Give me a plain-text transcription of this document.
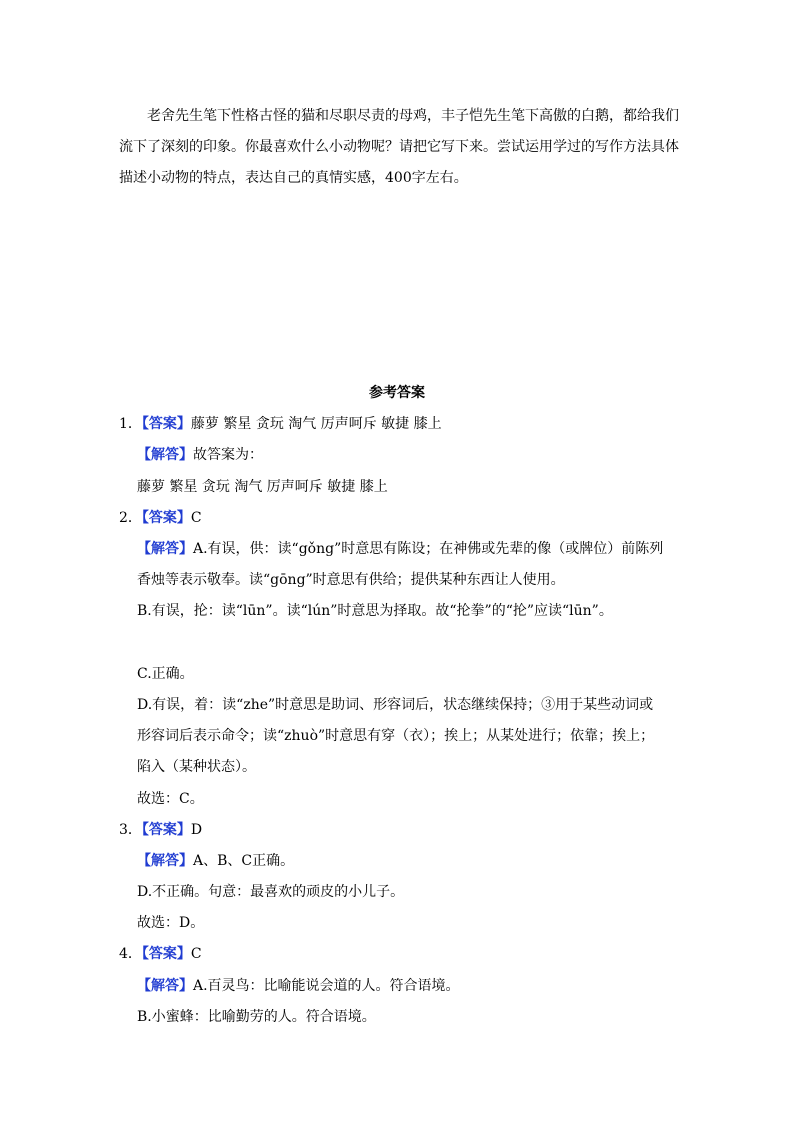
老舍先生笔下性格古怪的猫和尽职尽责的母鸡，丰子恺先生笔下高傲的白鹅，都给我们流下了深刻的印象。你最喜欢什么小动物呢？请把它写下来。尝试运用学过的写作方法具体描述小动物的特点，表达自己的真情实感，400字左右。

参考答案

1．【答案】藤萝 繁星 贪玩 淘气 厉声呵斥 敏捷 膝上

【解答】故答案为：

藤萝 繁星 贪玩 淘气 厉声呵斥 敏捷 膝上

2．【答案】C

【解答】A.有误，供：读“gǒng”时意思有陈设；在神佛或先辈的像（或牌位）前陈列

香烛等表示敬奉。读“gōng”时意思有供给；提供某种东西让人使用。

B.有误，抡：读“lūn”。读“lún”时意思为择取。故“抡拳”的“抡”应读“lūn”。

C.正确。

D.有误，着：读“zhe”时意思是助词、形容词后，状态继续保持；③用于某些动词或

形容词后表示命令；读“zhuò”时意思有穿（衣）；挨上；从某处进行；依靠；挨上；

陷入（某种状态）。

故选：C。

3．【答案】D

【解答】A、B、C正确。

D.不正确。句意：最喜欢的顽皮的小儿子。

故选：D。

4．【答案】C

【解答】A.百灵鸟：比喻能说会道的人。符合语境。

B.小蜜蜂：比喻勤劳的人。符合语境。
